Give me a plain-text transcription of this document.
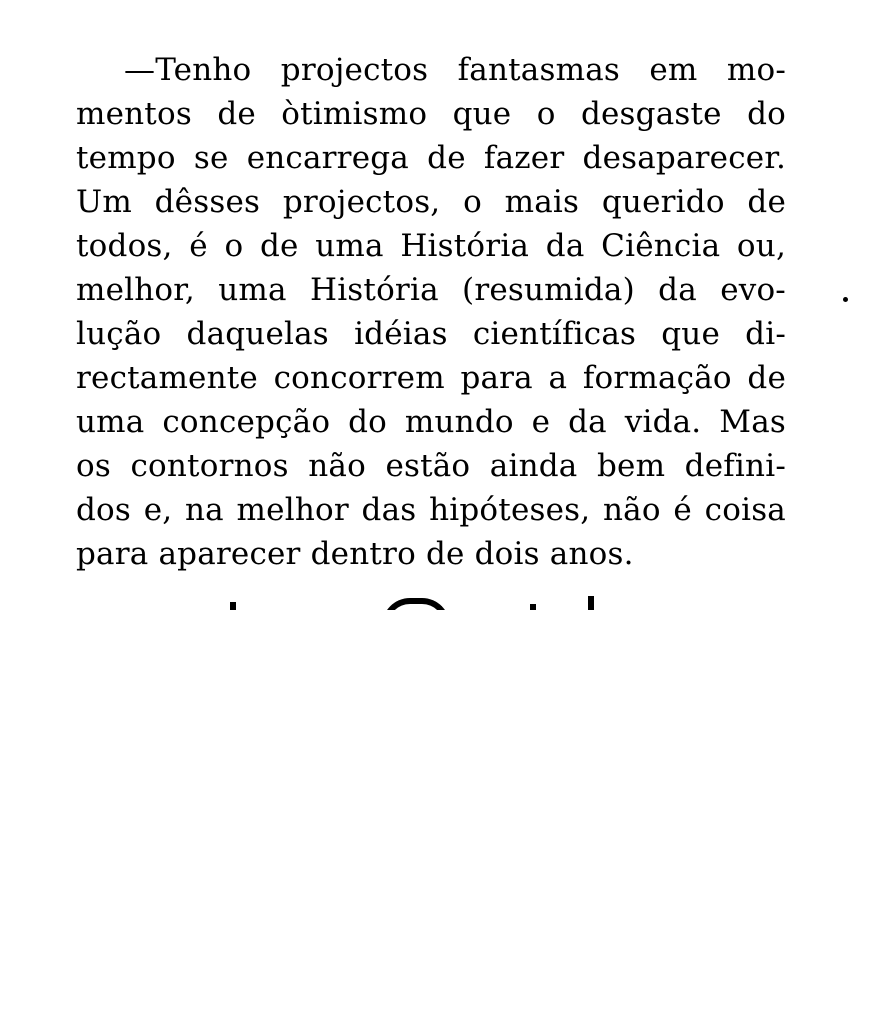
—Tenho projectos fantasmas em mo-
mentos de òtimismo que o desgaste do
tempo se encarrega de fazer desaparecer.
Um dêsses projectos, o mais querido de
todos, é o de uma História da Ciência ou,
melhor, uma História (resumida) da evo-
lução daquelas idéias científicas que di-
rectamente concorrem para a formação de
uma concepção do mundo e da vida. Mas
os contornos não estão ainda bem defini-
dos e, na melhor das hipóteses, não é coisa
para aparecer dentro de dois anos.
